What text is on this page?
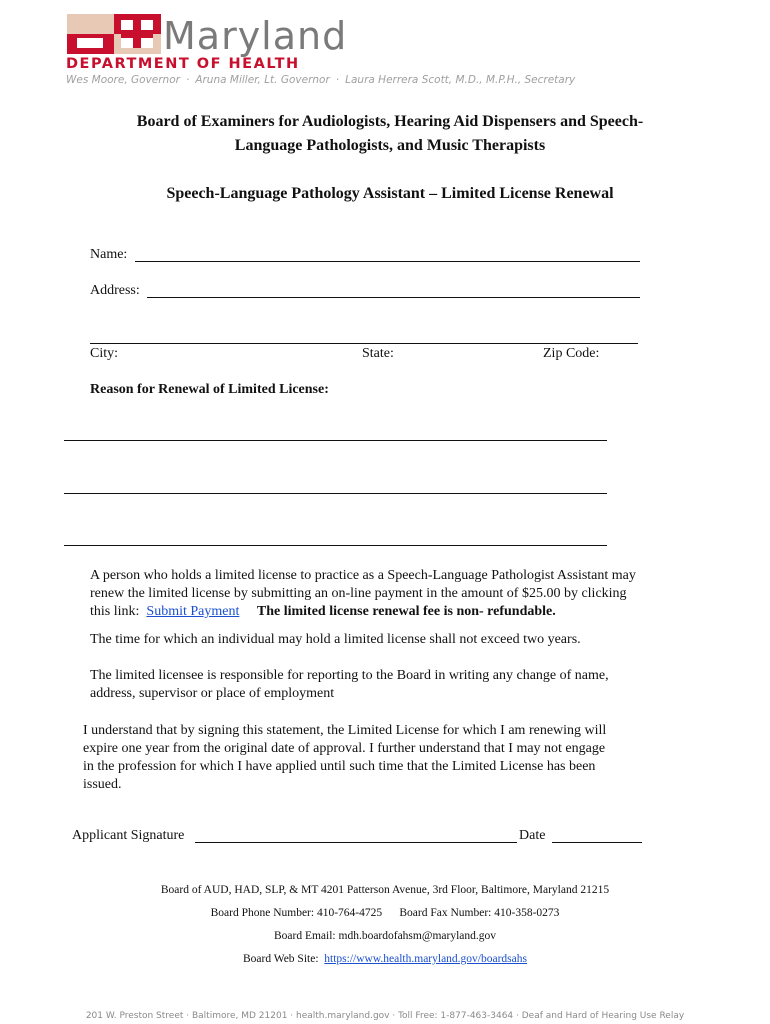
Maryland
DEPARTMENT OF HEALTH
Wes Moore, Governor · Aruna Miller, Lt. Governor · Laura Herrera Scott, M.D., M.P.H., Secretary
Board of Examiners for Audiologists, Hearing Aid Dispensers and Speech-
Language Pathologists, and Music Therapists
Speech-Language Pathology Assistant – Limited License Renewal
Name:
Address:
City:	State:	Zip Code:
Reason for Renewal of Limited License:
A person who holds a limited license to practice as a Speech-Language Pathologist Assistant may
renew the limited license by submitting an on-line payment in the amount of $25.00 by clicking
this link: Submit Payment The limited license renewal fee is non- refundable.
The time for which an individual may hold a limited license shall not exceed two years.
The limited licensee is responsible for reporting to the Board in writing any change of name,
address, supervisor or place of employment
I understand that by signing this statement, the Limited License for which I am renewing will
expire one year from the original date of approval. I further understand that I may not engage
in the profession for which I have applied until such time that the Limited License has been
issued.
Applicant Signature	Date
Board of AUD, HAD, SLP, & MT 4201 Patterson Avenue, 3rd Floor, Baltimore, Maryland 21215
Board Phone Number: 410-764-4725 Board Fax Number: 410-358-0273
Board Email: mdh.boardofahsm@maryland.gov
Board Web Site: https://www.health.maryland.gov/boardsahs
201 W. Preston Street · Baltimore, MD 21201 · health.maryland.gov · Toll Free: 1-877-463-3464 · Deaf and Hard of Hearing Use Relay
